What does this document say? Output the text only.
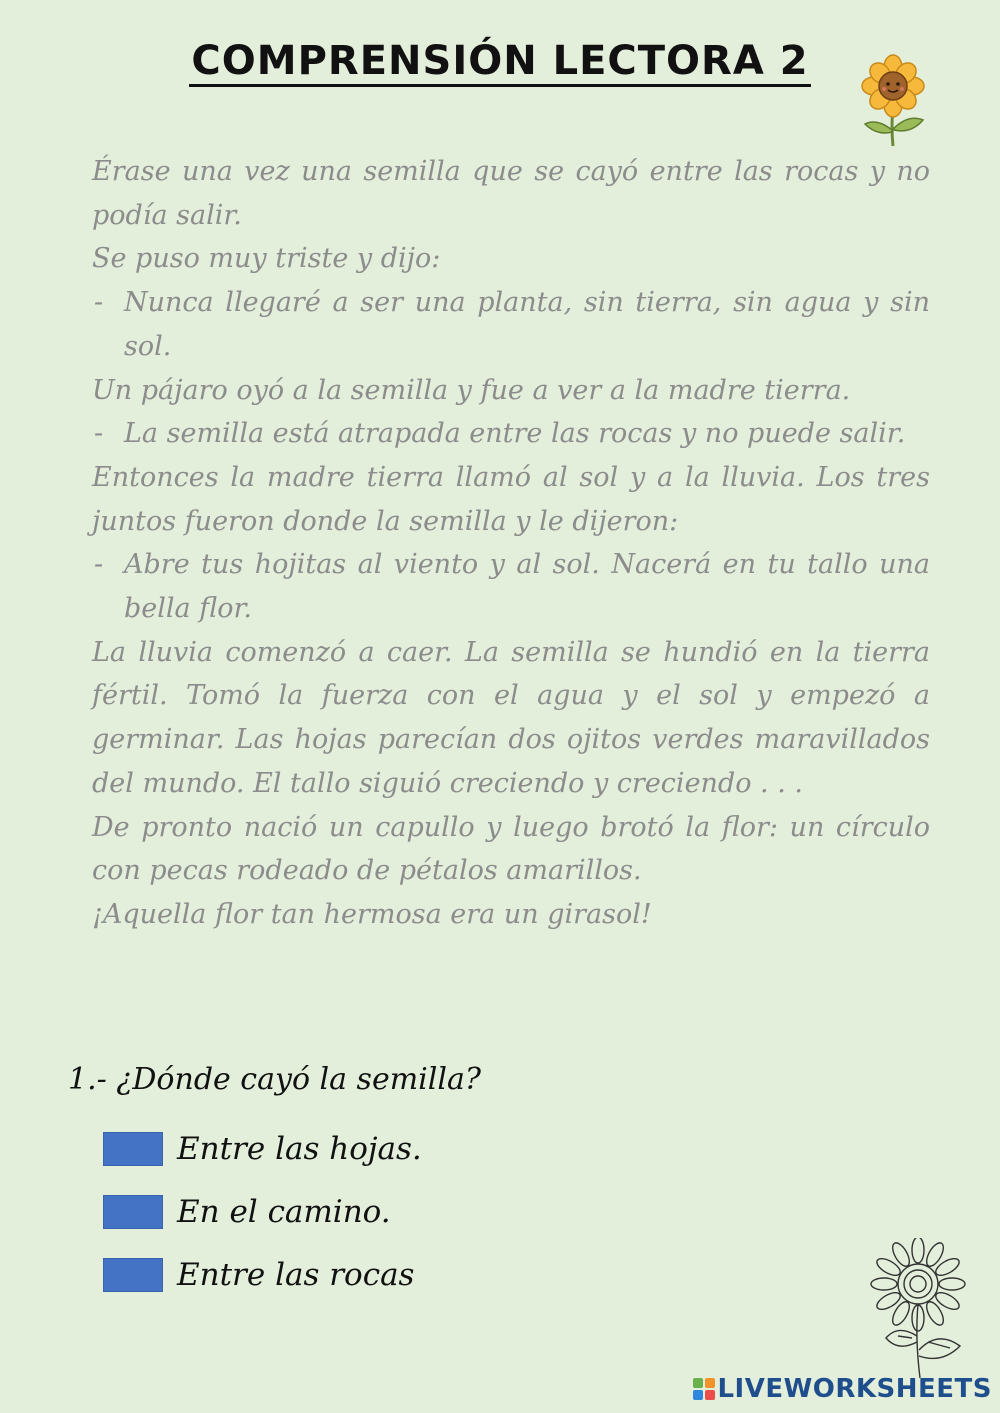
COMPRENSIÓN LECTORA 2

Érase una vez una semilla que se cayó entre las rocas y no podía salir.

Se puso muy triste y dijo:

- Nunca llegaré a ser una planta, sin tierra, sin agua y sin sol.

Un pájaro oyó a la semilla y fue a ver a la madre tierra.

- La semilla está atrapada entre las rocas y no puede salir.

Entonces la madre tierra llamó al sol y a la lluvia. Los tres juntos fueron donde la semilla y le dijeron:

- Abre tus hojitas al viento y al sol. Nacerá en tu tallo una bella flor.

La lluvia comenzó a caer. La semilla se hundió en la tierra fértil. Tomó la fuerza con el agua y el sol y empezó a germinar. Las hojas parecían dos ojitos verdes maravillados del mundo. El tallo siguió creciendo y creciendo . . .

De pronto nació un capullo y luego brotó la flor: un círculo con pecas rodeado de pétalos amarillos.

¡Aquella flor tan hermosa era un girasol!

1.- ¿Dónde cayó la semilla?
Entre las hojas.
En el camino.
Entre las rocas
LIVEWORKSHEETS
